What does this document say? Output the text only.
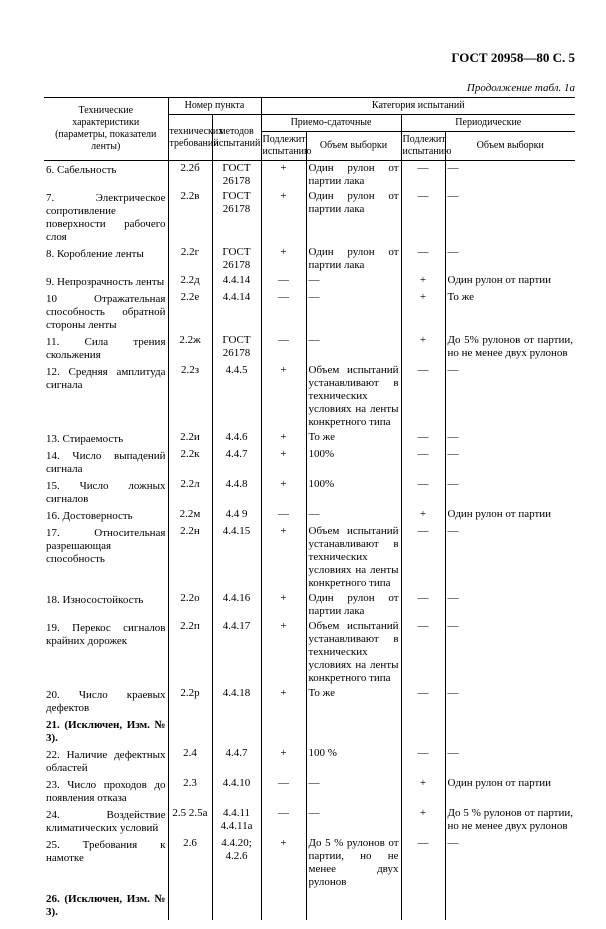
ГОСТ 20958—80 С. 5
Продолжение табл. 1а
Технические характеристики (параметры, показатели ленты)	Номер пункта		Категория испытаний			
	технических требований	методов испытаний	Приемо-сдаточные		Периодические	
			Подлежит испытанию	Объем выборки	Подлежит испытанию	Объем выборки
6. Сабельность	2.2б	ГОСТ 26178	+	Один рулон от партии лака	—	—
7. Электрическое сопротивление поверхности рабочего слоя	2.2в	ГОСТ 26178	+	Один рулон от партии лака	—	—
8. Коробление ленты	2.2г	ГОСТ 26178	+	Один рулон от партии лака	—	—
9. Непрозрачность ленты	2.2д	4.4.14	—	—	+	Один рулон от партии
10 Отражательная способность обратной стороны ленты	2.2е	4.4.14	—	—	+	То же
11. Сила трения скольжения	2.2ж	ГОСТ 26178	—	—	+	До 5% рулонов от партии, но не менее двух рулонов
12. Средняя амплитуда сигнала	2.2з	4.4.5	+	Объем испытаний устанавливают в технических условиях на ленты конкретного типа	—	—
13. Стираемость	2.2и	4.4.6	+	То же	—	—
14. Число выпадений сигнала	2.2к	4.4.7	+	100%	—	—
15. Число ложных сигналов	2.2л	4.4.8	+	100%	—	—
16. Достоверность	2.2м	4.4 9	—	—	+	Один рулон от партии
17. Относительная разрешающая способность	2.2н	4.4.15	+	Объем испытаний устанавливают в технических условиях на ленты конкретного типа	—	—
18. Износостойкость	2.2о	4.4.16	+	Один рулон от партии лака	—	—
19. Перекос сигналов крайних дорожек	2.2п	4.4.17	+	Объем испытаний устанавливают в технических условиях на ленты конкретного типа	—	—
20. Число краевых дефектов	2.2р	4.4.18	+	То же	—	—
21. (Исключен, Изм. № 3).						
22. Наличие дефектных областей	2.4	4.4.7	+	100 %	—	—
23. Число проходов до появления отказа	2.3	4.4.10	—	—	+	Один рулон от партии
24. Воздействие климатических условий	2.5 2.5а	4.4.11 4.4.11а	—	—	+	До 5 % рулонов от партии, но не менее двух рулонов
25. Требования к намотке	2.6	4.4.20; 4.2.6	+	До 5 % рулонов от партии, но не менее двух рулонов	—	—
26. (Исключен, Изм. № 3).						
